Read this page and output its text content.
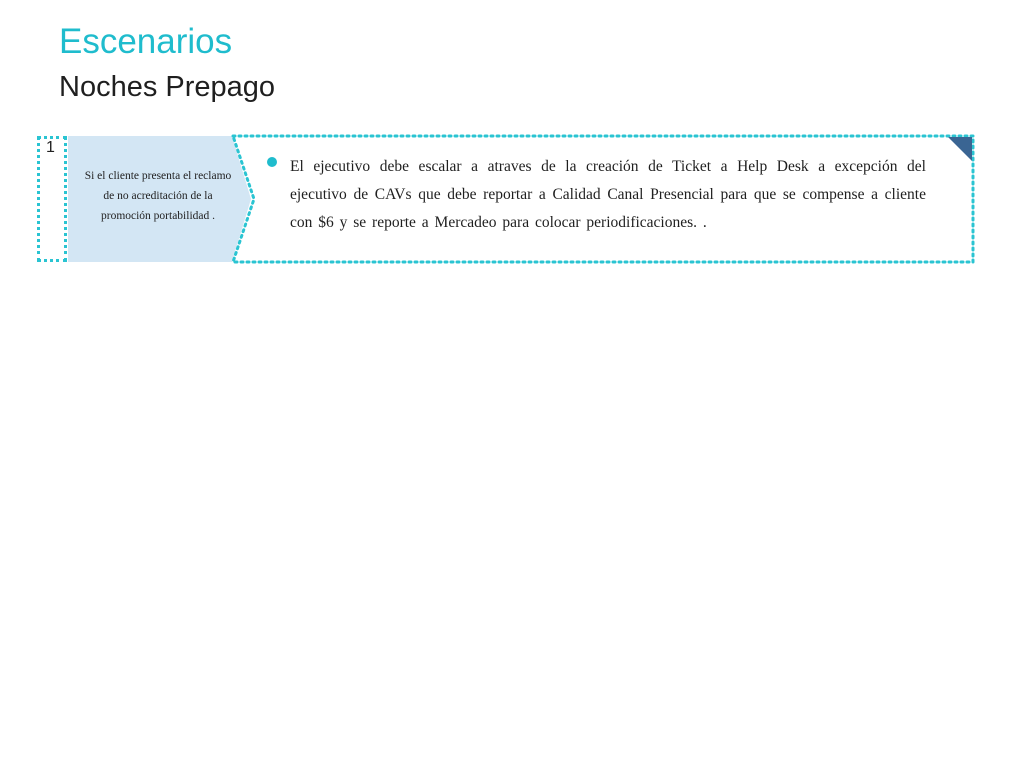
Escenarios
Noches Prepago
1
Si el cliente presenta el reclamo de no acreditación de la promoción portabilidad .
El ejecutivo debe escalar a atraves de la creación de Ticket a Help Desk a excepción del ejecutivo de CAVs que debe reportar a Calidad Canal Presencial para que se compense a cliente con $6 y se reporte a Mercadeo para colocar periodificaciones. .
